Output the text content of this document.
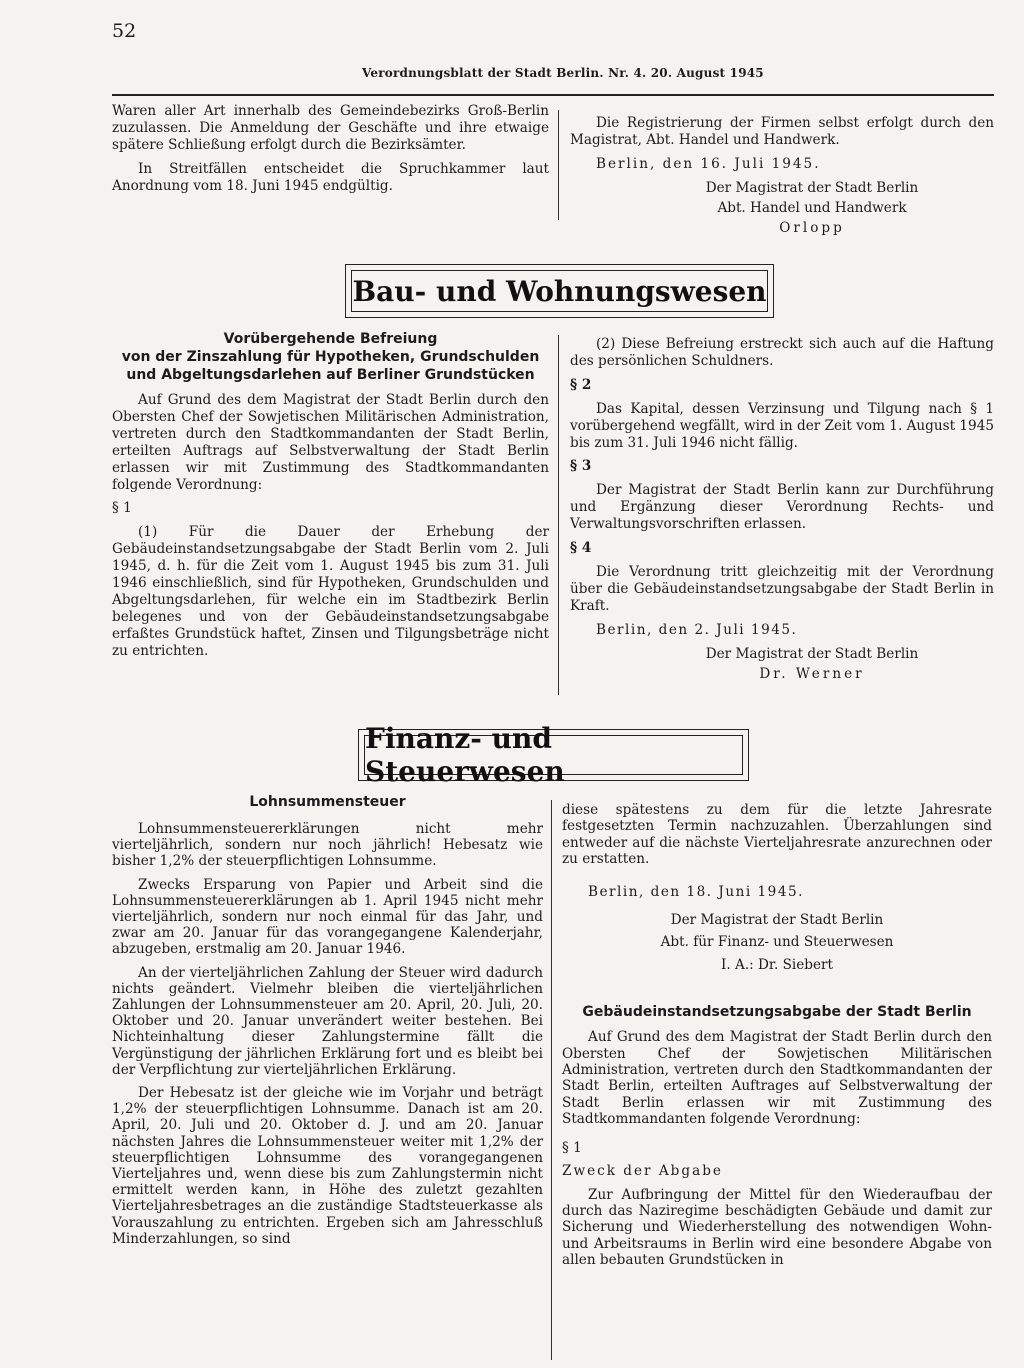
52
Verordnungsblatt der Stadt Berlin. Nr. 4. 20. August 1945

Waren aller Art innerhalb des Gemeindebezirks Groß-Berlin zuzulassen. Die Anmeldung der Geschäfte und ihre etwaige spätere Schließung erfolgt durch die Bezirksämter.

In Streitfällen entscheidet die Spruchkammer laut Anordnung vom 18. Juni 1945 endgültig.

Die Registrierung der Firmen selbst erfolgt durch den Magistrat, Abt. Handel und Handwerk.

Berlin, den 16. Juli 1945.

Der Magistrat der Stadt Berlin

Abt. Handel und Handwerk

Orlopp

Bau- und Wohnungswesen
Vorübergehende Befreiung
von der Zinszahlung für Hypotheken, Grundschulden
und Abgeltungsdarlehen auf Berliner Grundstücken

Auf Grund des dem Magistrat der Stadt Berlin durch den Obersten Chef der Sowjetischen Militärischen Administration, vertreten durch den Stadtkommandanten der Stadt Berlin, erteilten Auftrags auf Selbstverwaltung der Stadt Berlin erlassen wir mit Zustimmung des Stadtkommandanten folgende Verordnung:

§ 1

(1) Für die Dauer der Erhebung der Gebäudeinstandsetzungsabgabe der Stadt Berlin vom 2. Juli 1945, d. h. für die Zeit vom 1. August 1945 bis zum 31. Juli 1946 einschließlich, sind für Hypotheken, Grundschulden und Abgeltungsdarlehen, für welche ein im Stadtbezirk Berlin belegenes und von der Gebäudeinstandsetzungsabgabe erfaßtes Grundstück haftet, Zinsen und Tilgungsbeträge nicht zu entrichten.

(2) Diese Befreiung erstreckt sich auch auf die Haftung des persönlichen Schuldners.

§ 2

Das Kapital, dessen Verzinsung und Tilgung nach § 1 vorübergehend wegfällt, wird in der Zeit vom 1. August 1945 bis zum 31. Juli 1946 nicht fällig.

§ 3

Der Magistrat der Stadt Berlin kann zur Durchführung und Ergänzung dieser Verordnung Rechts- und Verwaltungsvorschriften erlassen.

§ 4

Die Verordnung tritt gleichzeitig mit der Verordnung über die Gebäudeinstandsetzungsabgabe der Stadt Berlin in Kraft.

Berlin, den 2. Juli 1945.

Der Magistrat der Stadt Berlin

Dr. Werner

Finanz- und Steuerwesen
Lohnsummensteuer

Lohnsummensteuererklärungen nicht mehr vierteljährlich, sondern nur noch jährlich! Hebesatz wie bisher 1,2% der steuerpflichtigen Lohnsumme.

Zwecks Ersparung von Papier und Arbeit sind die Lohnsummensteuererklärungen ab 1. April 1945 nicht mehr vierteljährlich, sondern nur noch einmal für das Jahr, und zwar am 20. Januar für das vorangegangene Kalenderjahr, abzugeben, erstmalig am 20. Januar 1946.

An der vierteljährlichen Zahlung der Steuer wird dadurch nichts geändert. Vielmehr bleiben die vierteljährlichen Zahlungen der Lohnsummensteuer am 20. April, 20. Juli, 20. Oktober und 20. Januar unverändert weiter bestehen. Bei Nichteinhaltung dieser Zahlungstermine fällt die Vergünstigung der jährlichen Erklärung fort und es bleibt bei der Verpflichtung zur vierteljährlichen Erklärung.

Der Hebesatz ist der gleiche wie im Vorjahr und beträgt 1,2% der steuerpflichtigen Lohnsumme. Danach ist am 20. April, 20. Juli und 20. Oktober d. J. und am 20. Januar nächsten Jahres die Lohnsummensteuer weiter mit 1,2% der steuerpflichtigen Lohnsumme des vorangegangenen Vierteljahres und, wenn diese bis zum Zahlungstermin nicht ermittelt werden kann, in Höhe des zuletzt gezahlten Vierteljahresbetrages an die zuständige Stadtsteuerkasse als Vorauszahlung zu entrichten. Ergeben sich am Jahresschluß Minderzahlungen, so sind

diese spätestens zu dem für die letzte Jahresrate festgesetzten Termin nachzuzahlen. Überzahlungen sind entweder auf die nächste Vierteljahresrate anzurechnen oder zu erstatten.

Berlin, den 18. Juni 1945.

Der Magistrat der Stadt Berlin

Abt. für Finanz- und Steuerwesen

I. A.: Dr. Siebert

Gebäudeinstandsetzungsabgabe der Stadt Berlin

Auf Grund des dem Magistrat der Stadt Berlin durch den Obersten Chef der Sowjetischen Militärischen Administration, vertreten durch den Stadtkommandanten der Stadt Berlin, erteilten Auftrages auf Selbstverwaltung der Stadt Berlin erlassen wir mit Zustimmung des Stadtkommandanten folgende Verordnung:

§ 1

Zweck der Abgabe

Zur Aufbringung der Mittel für den Wiederaufbau der durch das Naziregime beschädigten Gebäude und damit zur Sicherung und Wiederherstellung des notwendigen Wohn- und Arbeitsraums in Berlin wird eine besondere Abgabe von allen bebauten Grundstücken in
